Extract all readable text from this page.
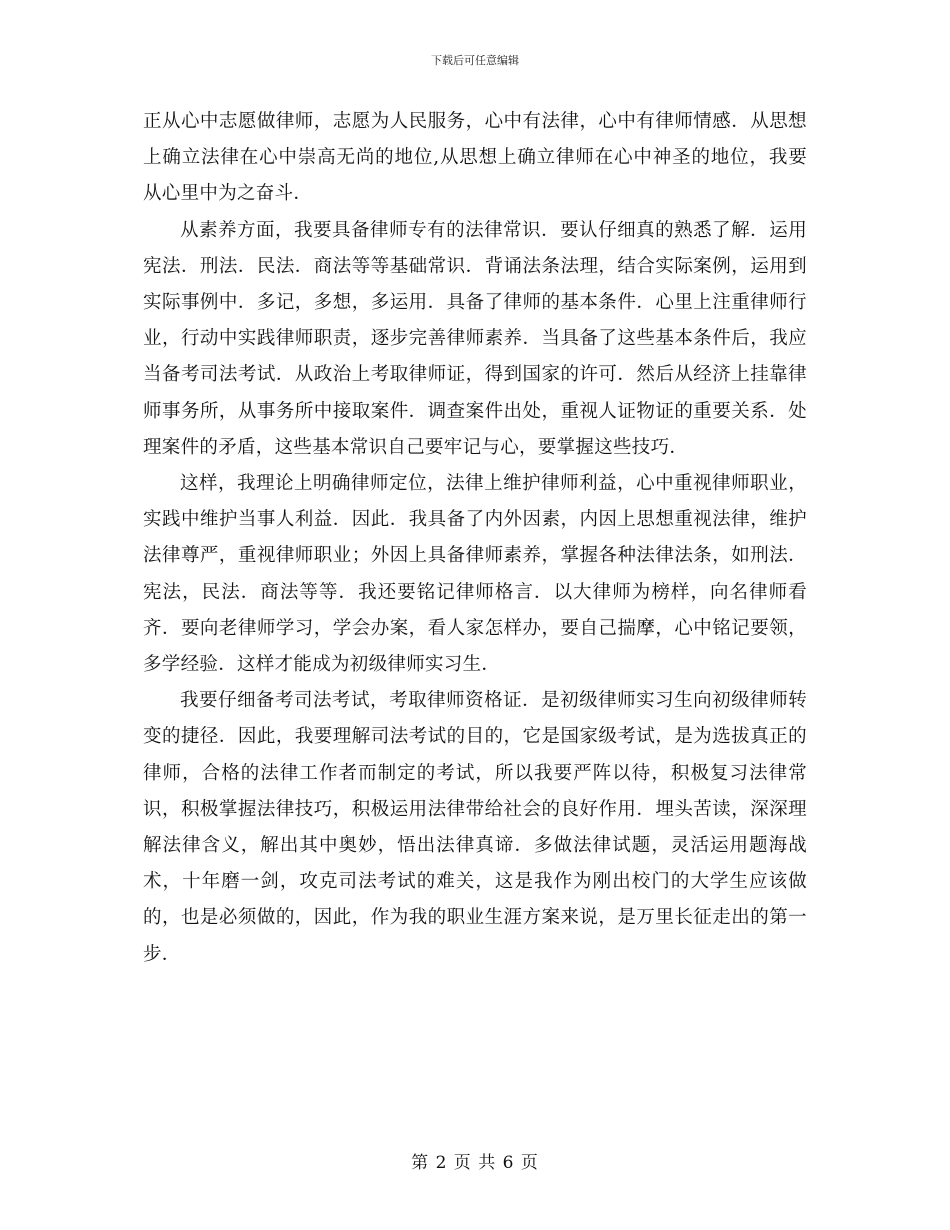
下载后可任意编辑

正从心中志愿做律师，志愿为人民服务，心中有法律，心中有律师情感．从思想上确立法律在心中崇高无尚的地位,从思想上确立律师在心中神圣的地位，我要从心里中为之奋斗．

从素养方面，我要具备律师专有的法律常识．要认仔细真的熟悉了解．运用宪法．刑法．民法．商法等等基础常识．背诵法条法理，结合实际案例，运用到实际事例中．多记，多想，多运用．具备了律师的基本条件．心里上注重律师行业，行动中实践律师职责，逐步完善律师素养．当具备了这些基本条件后，我应当备考司法考试．从政治上考取律师证，得到国家的许可．然后从经济上挂靠律师事务所，从事务所中接取案件．调查案件出处，重视人证物证的重要关系．处理案件的矛盾，这些基本常识自己要牢记与心，要掌握这些技巧．

这样，我理论上明确律师定位，法律上维护律师利益，心中重视律师职业，实践中维护当事人利益．因此．我具备了内外因素，内因上思想重视法律，维护法律尊严，重视律师职业；外因上具备律师素养，掌握各种法律法条，如刑法．宪法，民法．商法等等．我还要铭记律师格言．以大律师为榜样，向名律师看齐．要向老律师学习，学会办案，看人家怎样办，要自己揣摩，心中铭记要领，多学经验．这样才能成为初级律师实习生．

我要仔细备考司法考试，考取律师资格证．是初级律师实习生向初级律师转变的捷径．因此，我要理解司法考试的目的，它是国家级考试，是为选拔真正的律师，合格的法律工作者而制定的考试，所以我要严阵以待，积极复习法律常识，积极掌握法律技巧，积极运用法律带给社会的良好作用．埋头苦读，深深理解法律含义，解出其中奥妙，悟出法律真谛．多做法律试题，灵活运用题海战术，十年磨一剑，攻克司法考试的难关，这是我作为刚出校门的大学生应该做的，也是必须做的，因此，作为我的职业生涯方案来说，是万里长征走出的第一步．

第 2 页 共 6 页
